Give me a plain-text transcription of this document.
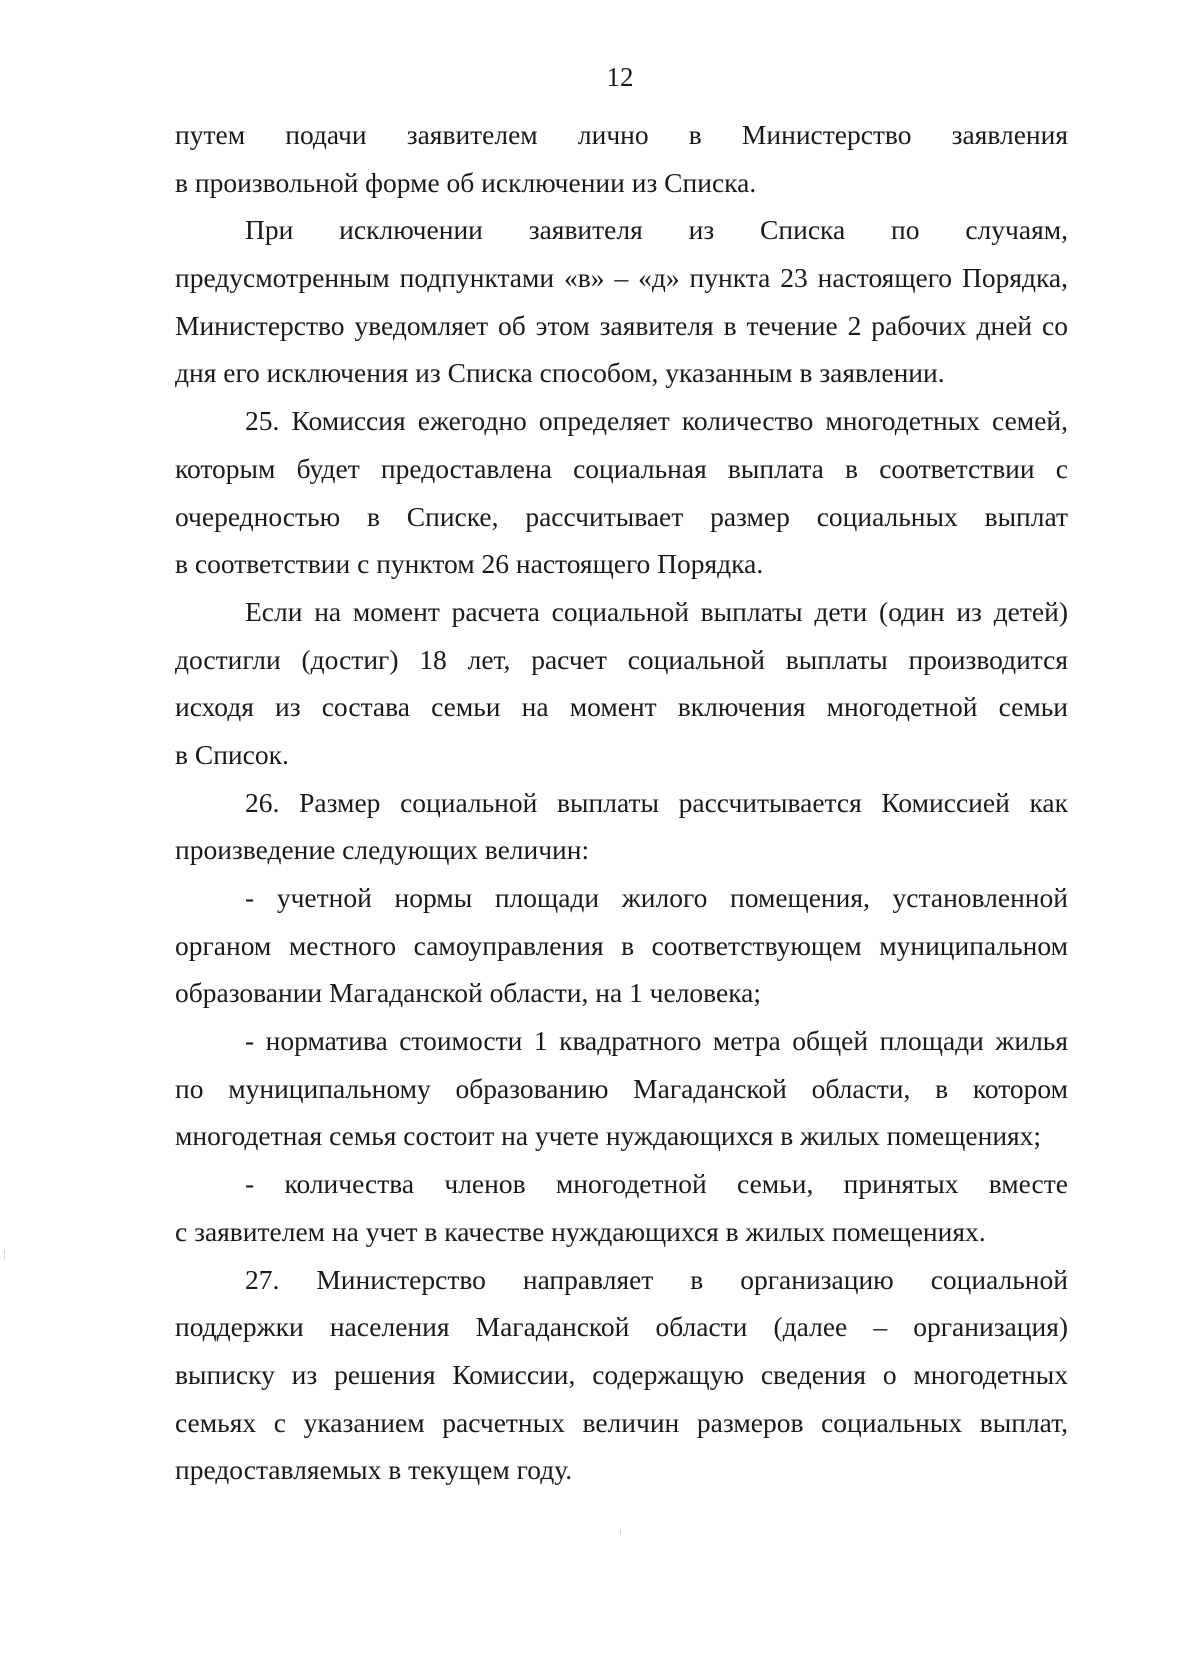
12

путем подачи заявителем лично в Министерство заявления
в произвольной форме об исключении из Списка.

При исключении заявителя из Списка по случаям,
предусмотренным подпунктами «в» – «д» пункта 23 настоящего Порядка,
Министерство уведомляет об этом заявителя в течение 2 рабочих дней со
дня его исключения из Списка способом, указанным в заявлении.

25. Комиссия ежегодно определяет количество многодетных семей,
которым будет предоставлена социальная выплата в соответствии с
очередностью в Списке, рассчитывает размер социальных выплат
в соответствии с пунктом 26 настоящего Порядка.

Если на момент расчета социальной выплаты дети (один из детей)
достигли (достиг) 18 лет, расчет социальной выплаты производится
исходя из состава семьи на момент включения многодетной семьи
в Список.

26. Размер социальной выплаты рассчитывается Комиссией как
произведение следующих величин:

- учетной нормы площади жилого помещения, установленной
органом местного самоуправления в соответствующем муниципальном
образовании Магаданской области, на 1 человека;

- норматива стоимости 1 квадратного метра общей площади жилья
по муниципальному образованию Магаданской области, в котором
многодетная семья состоит на учете нуждающихся в жилых помещениях;

- количества членов многодетной семьи, принятых вместе
с заявителем на учет в качестве нуждающихся в жилых помещениях.

27. Министерство направляет в организацию социальной
поддержки населения Магаданской области (далее – организация)
выписку из решения Комиссии, содержащую сведения о многодетных
семьях с указанием расчетных величин размеров социальных выплат,
предоставляемых в текущем году.
